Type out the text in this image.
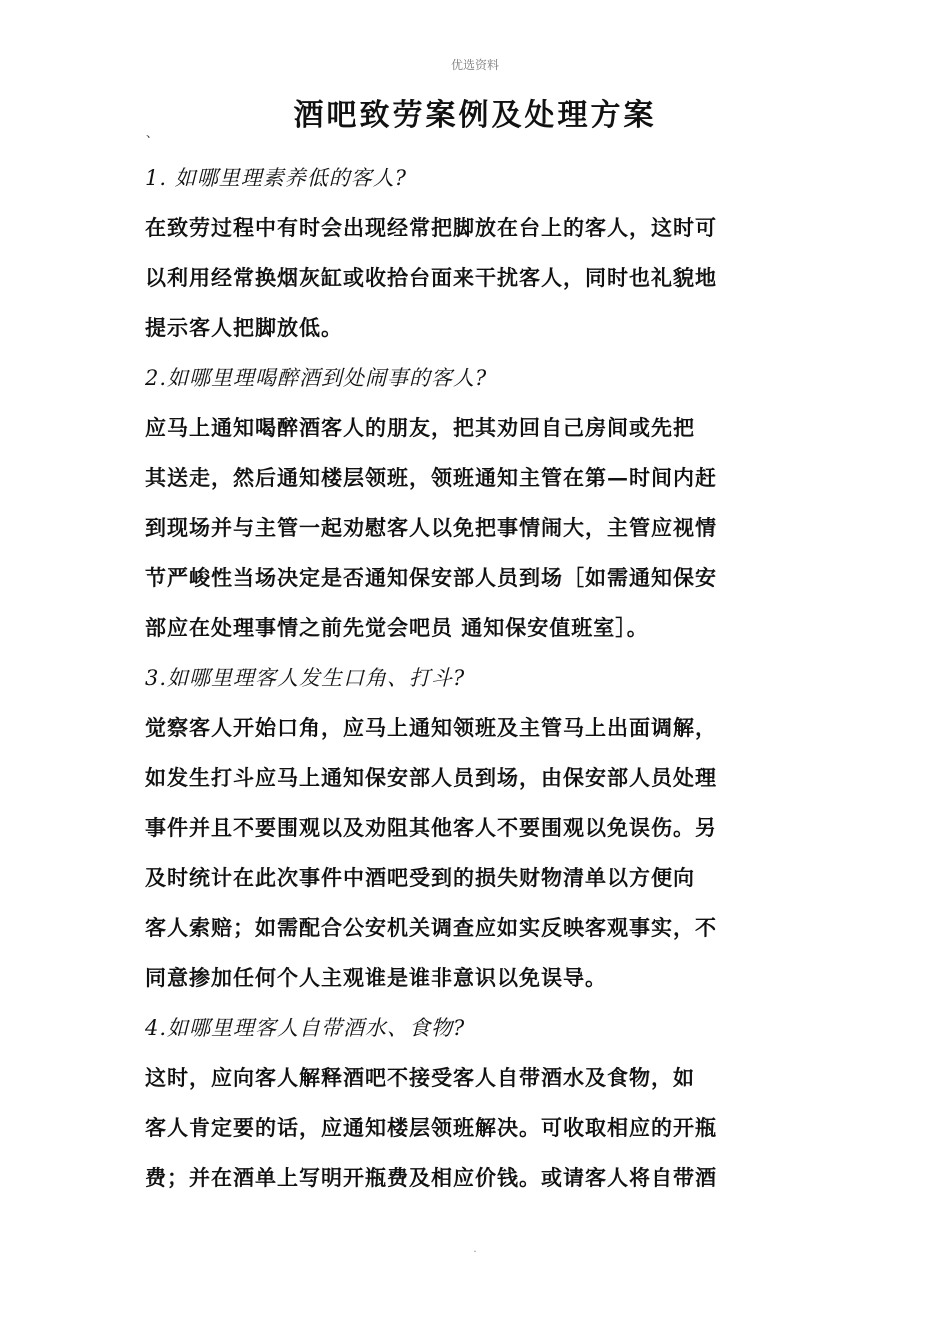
优选资料
酒吧致劳案例及处理方案
、
1. 如哪里理素养低的客人?
在致劳过程中有时会出现经常把脚放在台上的客人，这时可
以利用经常换烟灰缸或收拾台面来干扰客人，同时也礼貌地
提示客人把脚放低。
2.如哪里理喝醉酒到处闹事的客人?
应马上通知喝醉酒客人的朋友，把其劝回自己房间或先把
其送走，然后通知楼层领班，领班通知主管在第—时间内赶
到现场并与主管一起劝慰客人以免把事情闹大，主管应视情
节严峻性当场决定是否通知保安部人员到场［如需通知保安
部应在处理事情之前先觉会吧员 通知保安值班室］。
3.如哪里理客人发生口角、打斗?
觉察客人开始口角，应马上通知领班及主管马上出面调解，
如发生打斗应马上通知保安部人员到场，由保安部人员处理
事件并且不要围观以及劝阻其他客人不要围观以免误伤。另
及时统计在此次事件中酒吧受到的损失财物清单以方便向
客人索赔；如需配合公安机关调查应如实反映客观事实，不
同意掺加任何个人主观谁是谁非意识以免误导。
4.如哪里理客人自带酒水、食物?
这时，应向客人解释酒吧不接受客人自带酒水及食物，如
客人肯定要的话，应通知楼层领班解决。可收取相应的开瓶
费；并在酒单上写明开瓶费及相应价钱。或请客人将自带酒
.
